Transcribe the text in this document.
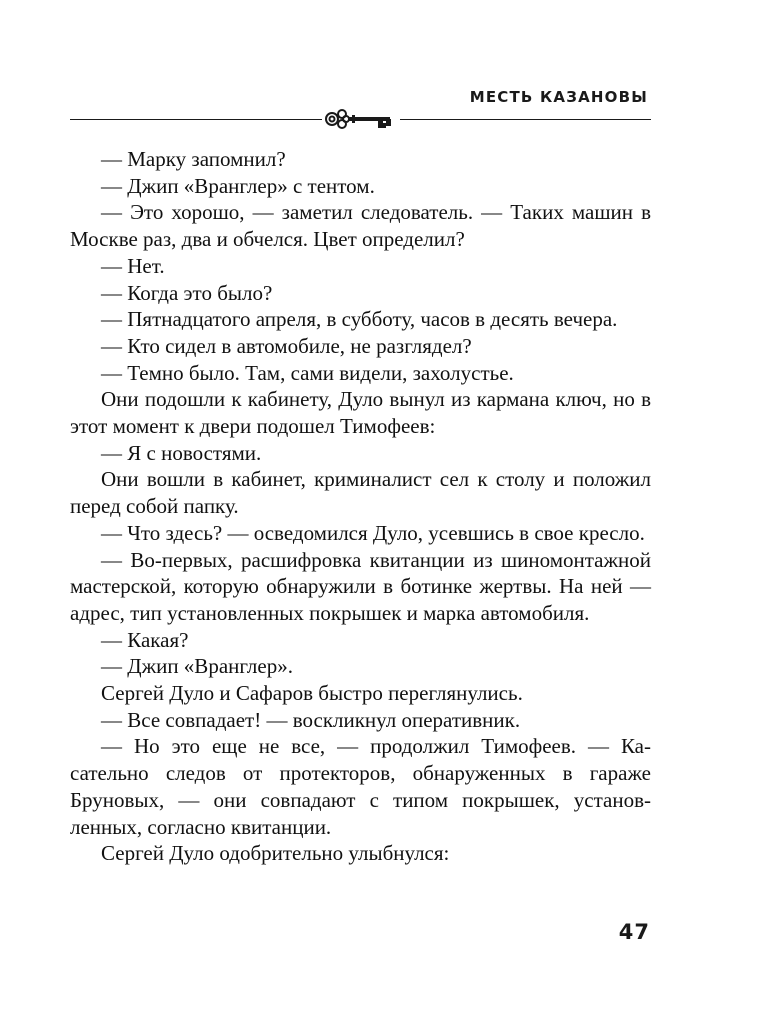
МЕСТЬ КАЗАНОВЫ

— Марку запомнил?

— Джип «Вранглер» с тентом.

— Это хорошо, — заметил следователь. — Таких машин в Москве раз, два и обчелся. Цвет определил?

— Нет.

— Когда это было?

— Пятнадцатого апреля, в субботу, часов в десять вечера.

— Кто сидел в автомобиле, не разглядел?

— Темно было. Там, сами видели, захолустье.

Они подошли к кабинету, Дуло вынул из кармана ключ, но в этот момент к двери подошел Тимофеев:

— Я с новостями.

Они вошли в кабинет, криминалист сел к столу и положил перед собой папку.

— Что здесь? — осведомился Дуло, усевшись в свое кресло.

— Во-первых, расшифровка квитанции из шиномонтажной мастерской, которую обнаружили в ботинке жертвы. На ней — адрес, тип установленных покрышек и марка автомобиля.

— Какая?

— Джип «Вранглер».

Сергей Дуло и Сафаров быстро переглянулись.

— Все совпадает! — воскликнул оперативник.

— Но это еще не все, — продолжил Тимофеев. — Касательно следов от протекторов, обнаруженных в гараже Бруновых, — они совпадают с типом покрышек, установленных, согласно квитанции.

Сергей Дуло одобрительно улыбнулся:

47
